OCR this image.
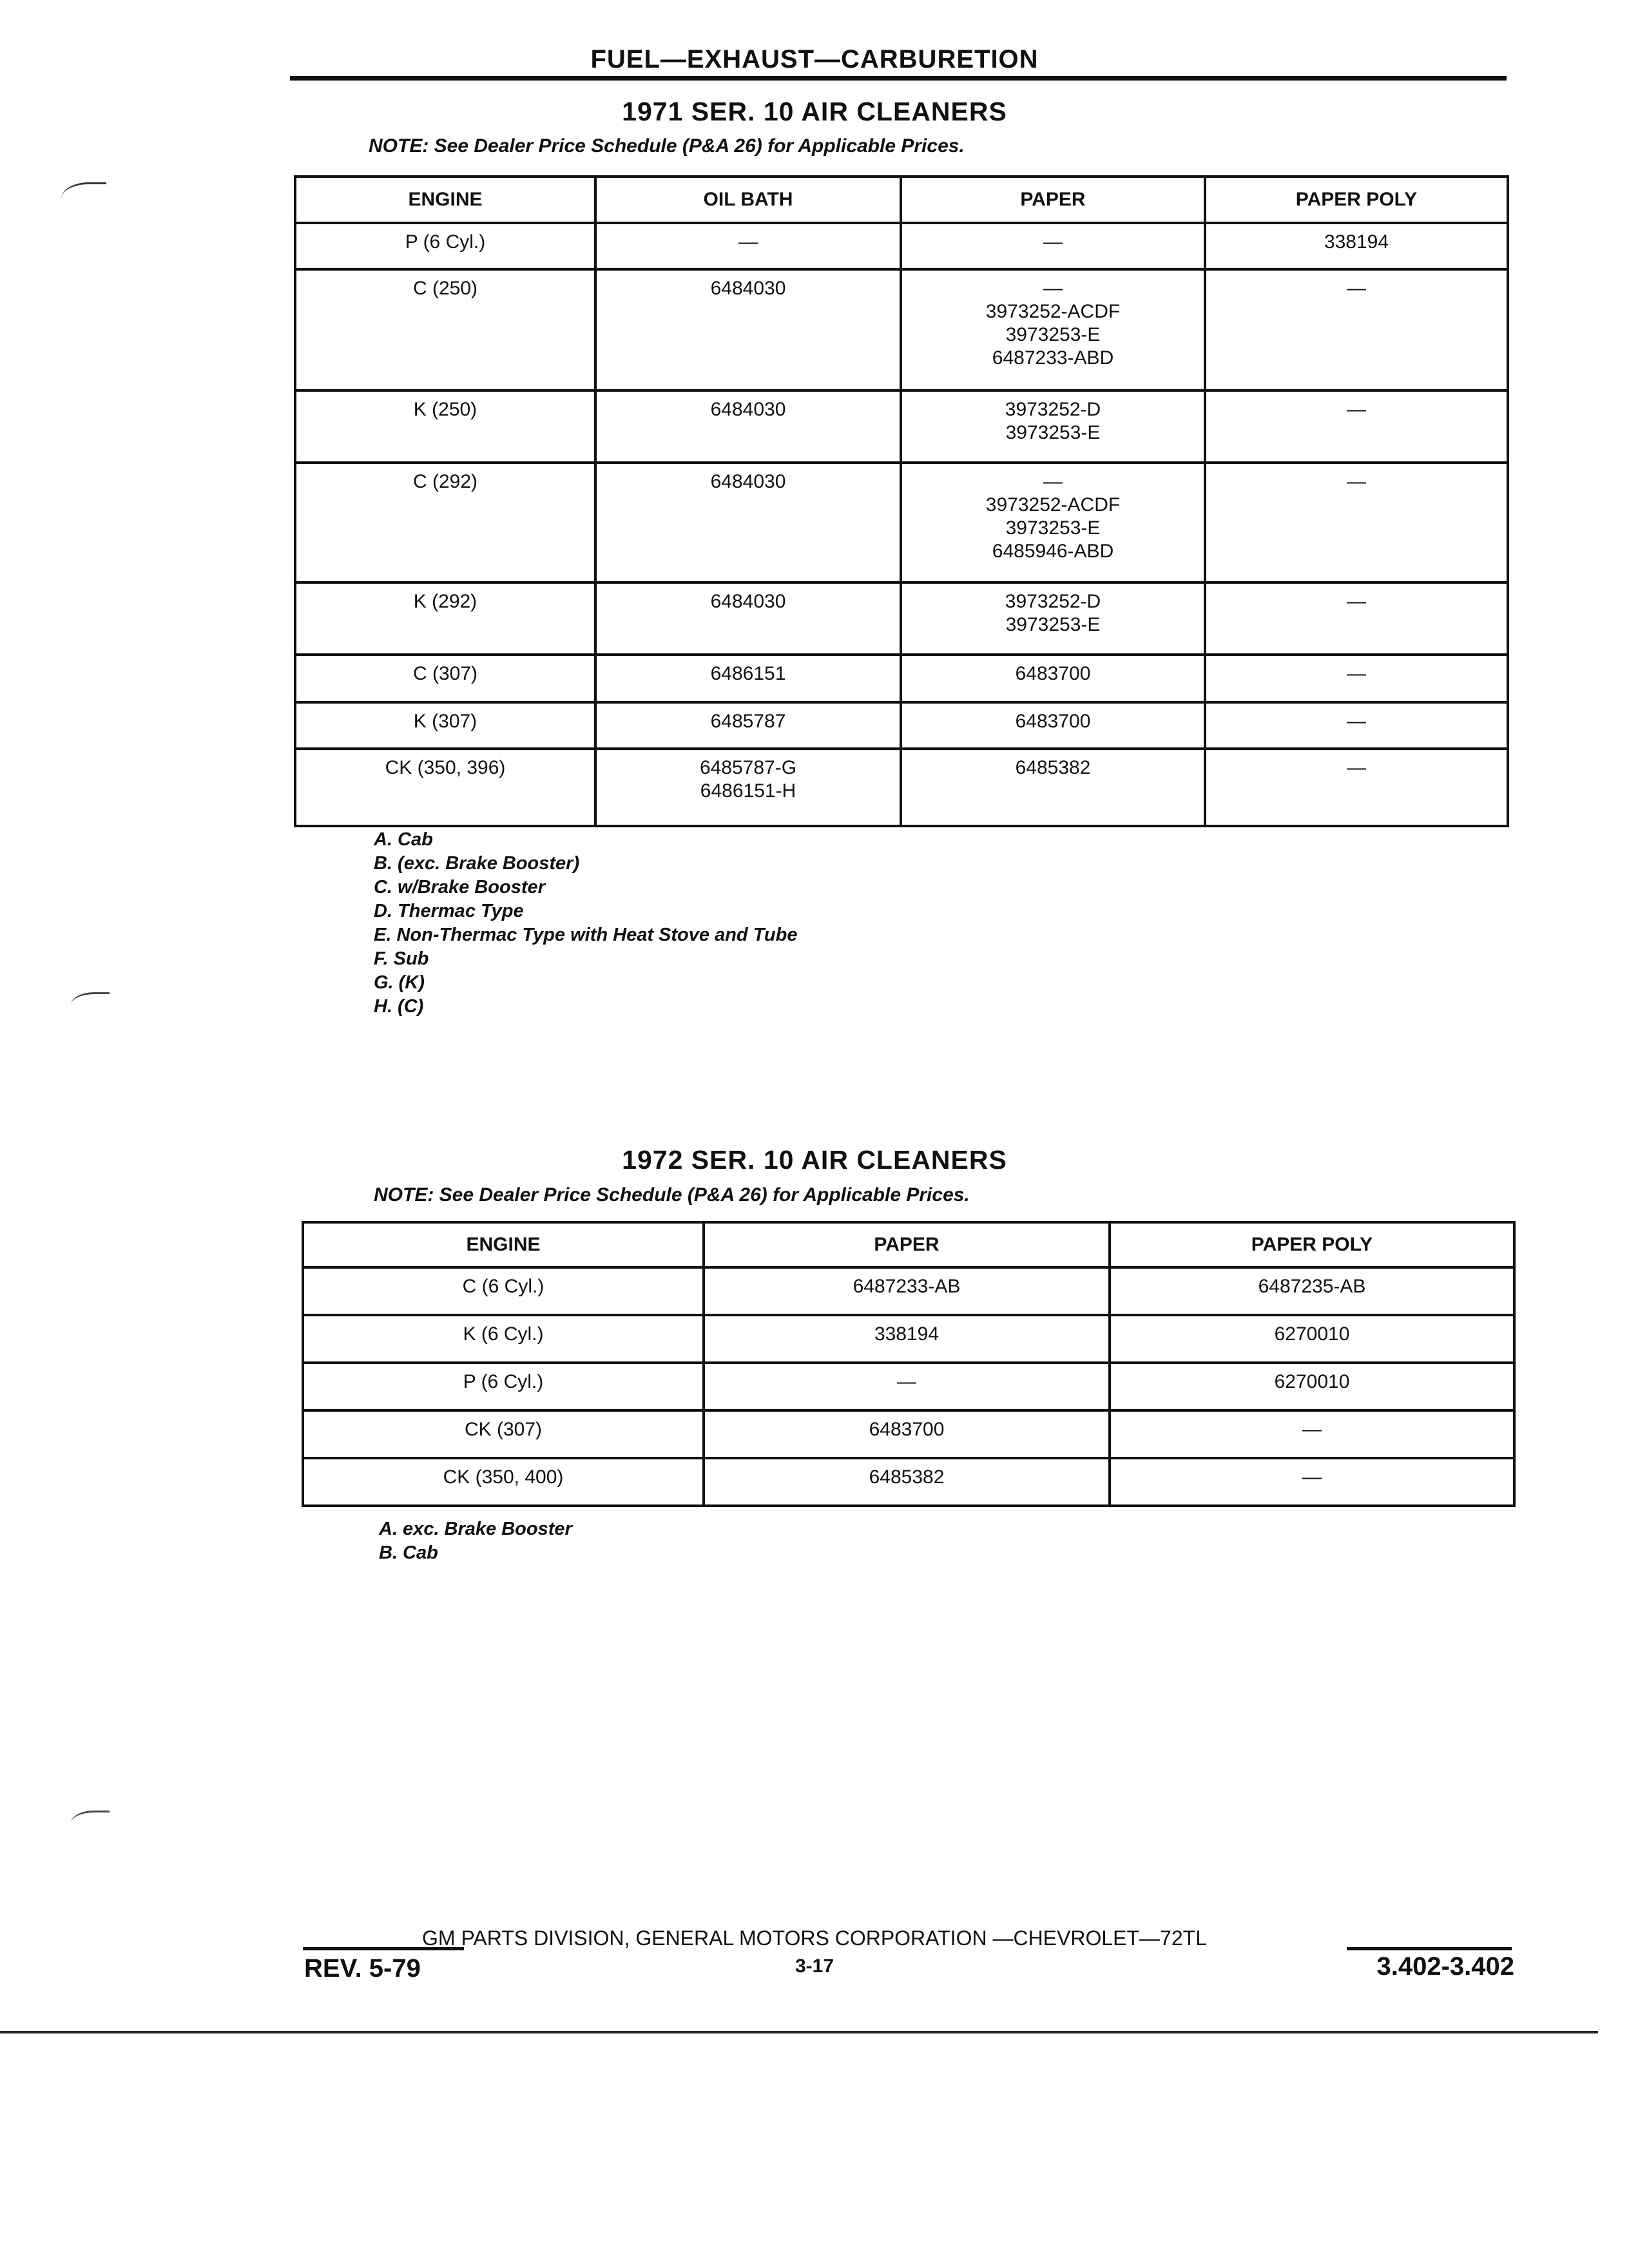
FUEL—EXHAUST—CARBURETION
1971 SER. 10 AIR CLEANERS
NOTE: See Dealer Price Schedule (P&A 26) for Applicable Prices.
ENGINE	OIL BATH	PAPER	PAPER POLY
P (6 Cyl.)	—	—	338194
C (250)	6484030	—
3973252-ACDF
3973253-E
6487233-ABD	—
K (250)	6484030	3973252-D
3973253-E	—
C (292)	6484030	—
3973252-ACDF
3973253-E
6485946-ABD	—
K (292)	6484030	3973252-D
3973253-E	—
C (307)	6486151	6483700	—
K (307)	6485787	6483700	—
CK (350, 396)	6485787-G
6486151-H	6485382	—
A. Cab
B. (exc. Brake Booster)
C. w/Brake Booster
D. Thermac Type
E. Non-Thermac Type with Heat Stove and Tube
F. Sub
G. (K)
H. (C)
1972 SER. 10 AIR CLEANERS
NOTE: See Dealer Price Schedule (P&A 26) for Applicable Prices.
ENGINE	PAPER	PAPER POLY
C (6 Cyl.)	6487233-AB	6487235-AB
K (6 Cyl.)	338194	6270010
P (6 Cyl.)	—	6270010
CK (307)	6483700	—
CK (350, 400)	6485382	—
A. exc. Brake Booster
B. Cab
GM PARTS DIVISION, GENERAL MOTORS CORPORATION —CHEVROLET—72TL
REV. 5-79	3-17	3.402-3.402
